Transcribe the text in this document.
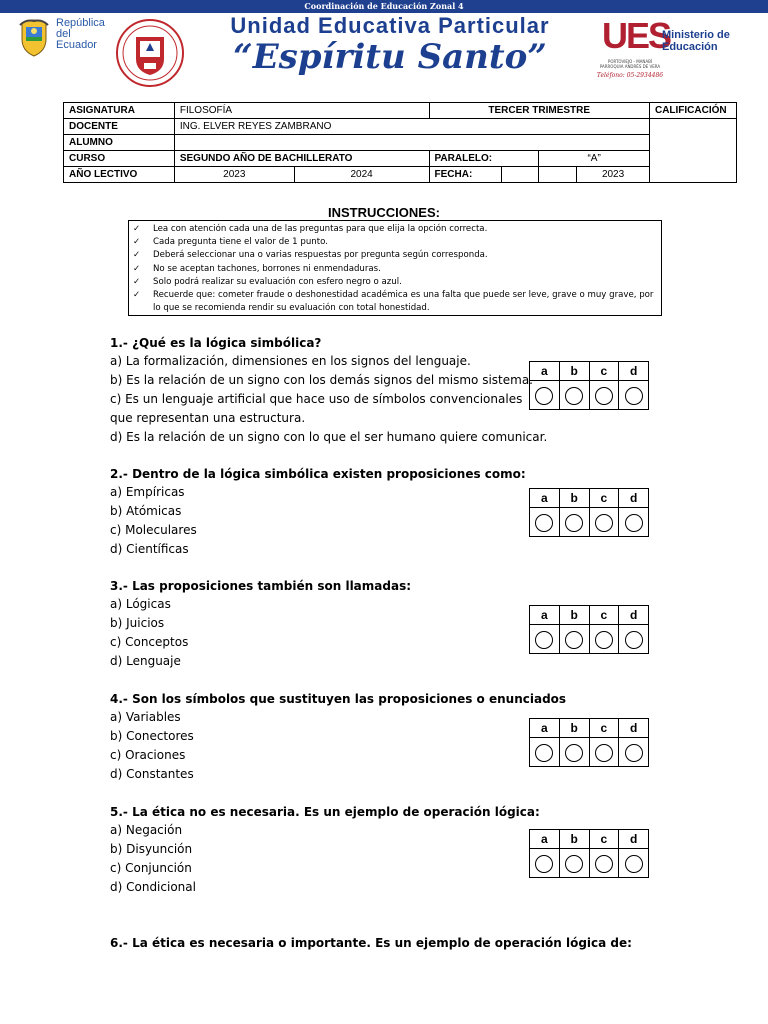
Coordinación de Educación Zonal 4
República
del Ecuador
Unidad Educativa Particular
“Espíritu Santo”
UES
PORTOVIEJO - MANABÍ PARROQUIA ANDRÉS DE VERA
Teléfono: 05-2934486
Ministerio de Educación
ASIGNATURA	FILOSOFÍA		TERCER TRIMESTRE				CALIFICACIÓN
DOCENTE	ING. ELVER REYES ZAMBRANO						
ALUMNO							
CURSO	SEGUNDO AÑO DE BACHILLERATO		PARALELO:		“A”		
AÑO LECTIVO	2023	2024	FECHA:			2023	
INSTRUCCIONES:
✓	Lea con atención cada una de las preguntas para que elija la opción correcta.
✓	Cada pregunta tiene el valor de 1 punto.
✓	Deberá seleccionar una o varias respuestas por pregunta según corresponda.
✓	No se aceptan tachones, borrones ni enmendaduras.
✓	Solo podrá realizar su evaluación con esfero negro o azul.
✓	Recuerde que: cometer fraude o deshonestidad académica es una falta que puede ser leve, grave o muy grave, por lo que se recomienda rendir su evaluación con total honestidad.
1.- ¿Qué es la lógica simbólica?
a) La formalización, dimensiones en los signos del lenguaje.
b) Es la relación de un signo con los demás signos del mismo sistema.
c) Es un lenguaje artificial que hace uso de símbolos convencionales
que representan una estructura.
d) Es la relación de un signo con lo que el ser humano quiere comunicar.
a	b	c	d
2.- Dentro de la lógica simbólica existen proposiciones como:
a) Empíricas
b) Atómicas
c) Moleculares
d) Científicas
a	b	c	d
3.- Las proposiciones también son llamadas:
a) Lógicas
b) Juicios
c) Conceptos
d) Lenguaje
a	b	c	d
4.- Son los símbolos que sustituyen las proposiciones o enunciados
a) Variables
b) Conectores
c) Oraciones
d) Constantes
a	b	c	d
5.- La ética no es necesaria. Es un ejemplo de operación lógica:
a) Negación
b) Disyunción
c) Conjunción
d) Condicional
a	b	c	d
6.- La ética es necesaria o importante. Es un ejemplo de operación lógica de:
